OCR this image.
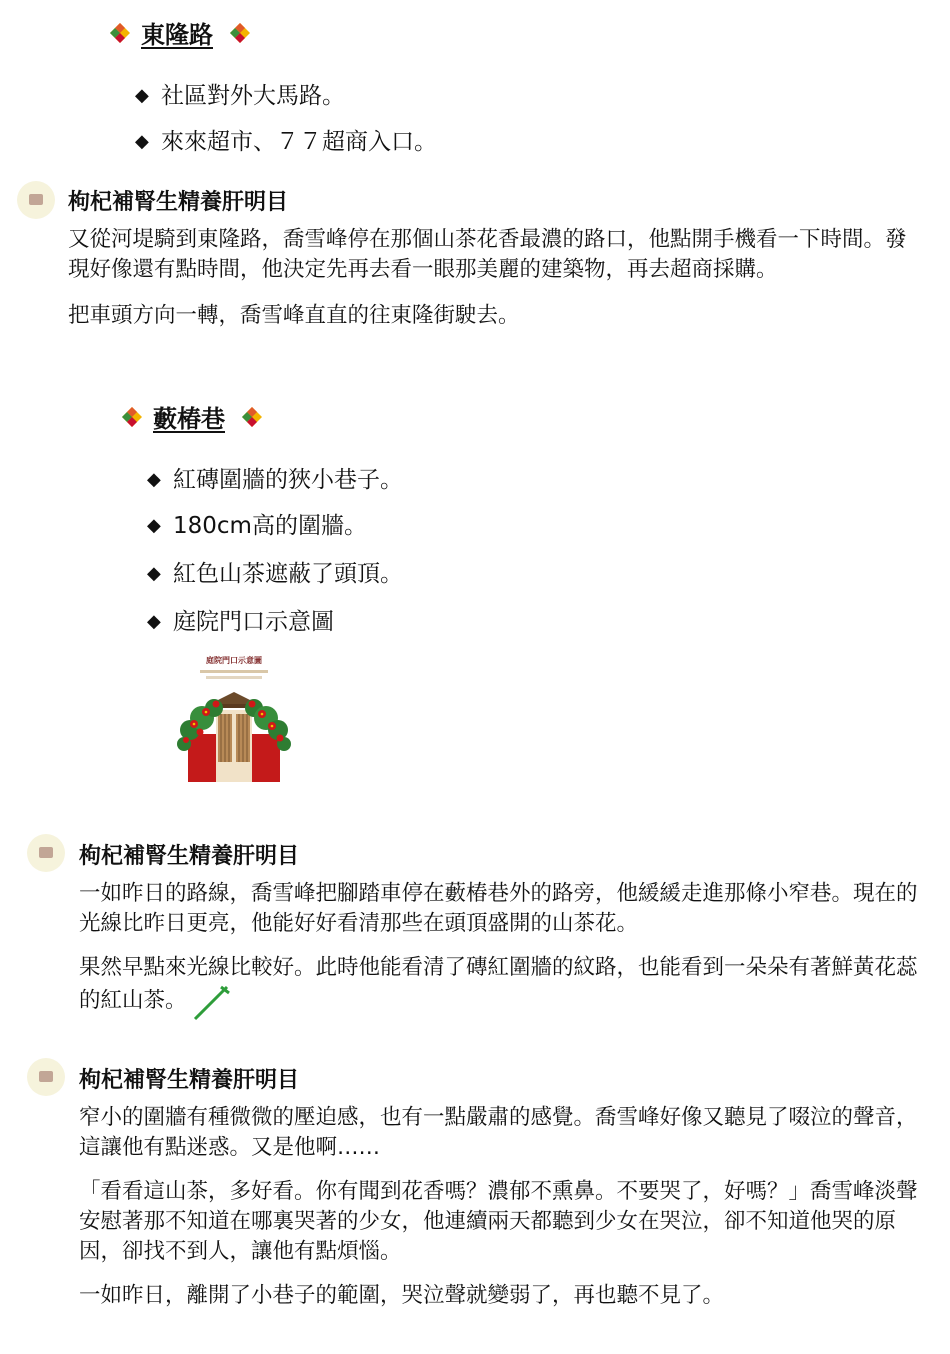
東隆路
◆ 社區對外大馬路。
◆ 來來超市、７７超商入口。
枸杞補腎生精養肝明目

又從河堤騎到東隆路，喬雪峰停在那個山茶花香最濃的路口，他點開手機看一下時間。發現好像還有點時間，他決定先再去看一眼那美麗的建築物，再去超商採購。

把車頭方向一轉，喬雪峰直直的往東隆街駛去。

藪椿巷
◆ 紅磚圍牆的狹小巷子。
◆ 180cm高的圍牆。
◆ 紅色山茶遮蔽了頭頂。
◆ 庭院門口示意圖
庭院門口示意圖
枸杞補腎生精養肝明目

一如昨日的路線，喬雪峰把腳踏車停在藪椿巷外的路旁，他緩緩走進那條小窄巷。現在的光線比昨日更亮，他能好好看清那些在頭頂盛開的山茶花。

果然早點來光線比較好。此時他能看清了磚紅圍牆的紋路，也能看到一朵朵有著鮮黃花蕊的紅山茶。

枸杞補腎生精養肝明目

窄小的圍牆有種微微的壓迫感，也有一點嚴肅的感覺。喬雪峰好像又聽見了啜泣的聲音，這讓他有點迷惑。又是他啊……

「看看這山茶，多好看。你有聞到花香嗎？濃郁不熏鼻。不要哭了，好嗎？」喬雪峰淡聲安慰著那不知道在哪裏哭著的少女，他連續兩天都聽到少女在哭泣，卻不知道他哭的原因，卻找不到人，讓他有點煩惱。

一如昨日，離開了小巷子的範圍，哭泣聲就變弱了，再也聽不見了。
